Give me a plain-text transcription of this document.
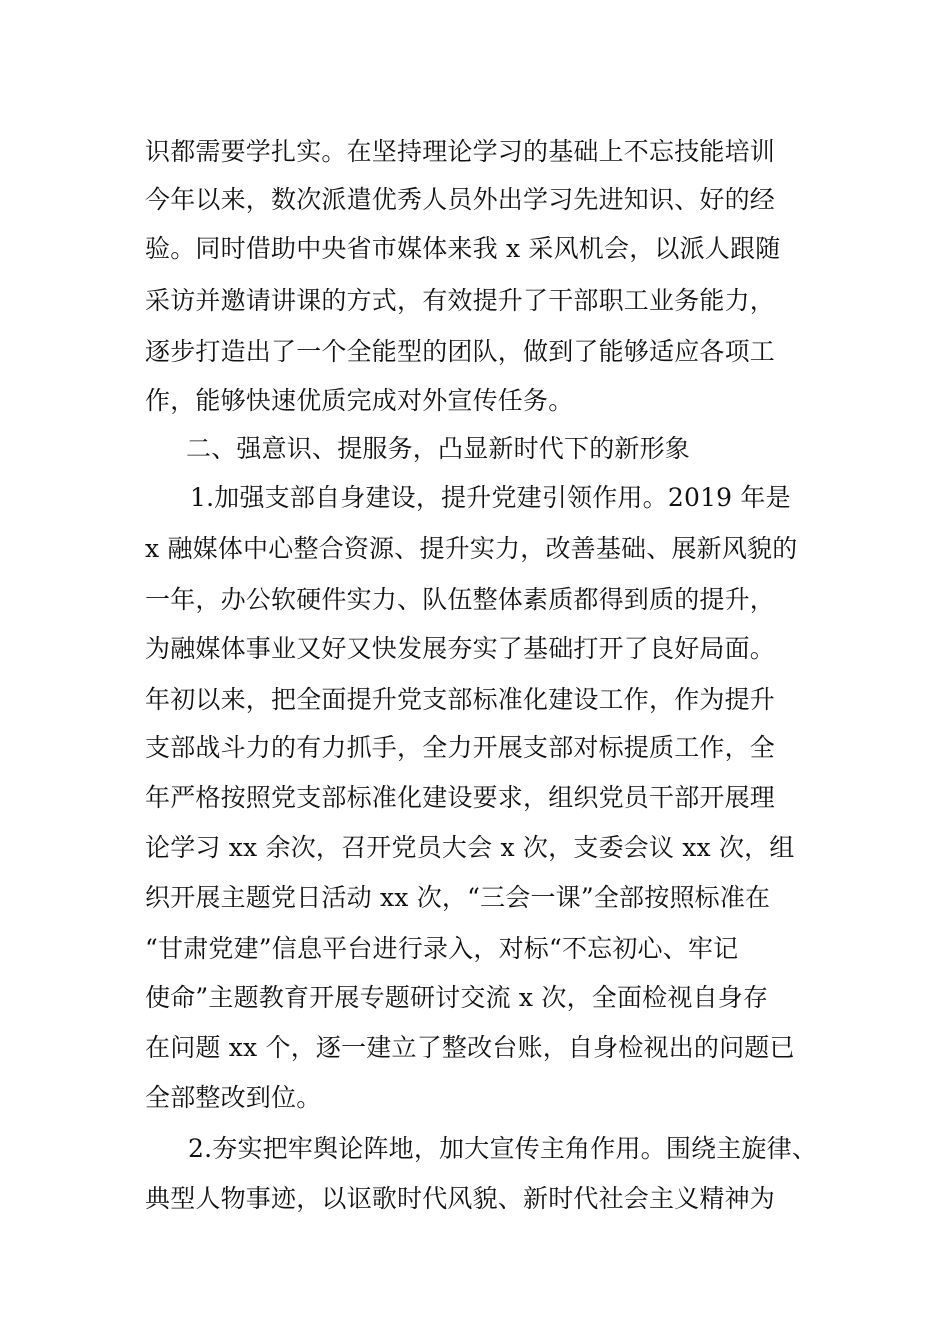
识都需要学扎实。在坚持理论学习的基础上不忘技能培训
今年以来，数次派遣优秀人员外出学习先进知识、好的经
验。同时借助中央省市媒体来我 x 采风机会，以派人跟随
采访并邀请讲课的方式，有效提升了干部职工业务能力，
逐步打造出了一个全能型的团队，做到了能够适应各项工
作，能够快速优质完成对外宣传任务。
二、强意识、提服务，凸显新时代下的新形象
1.加强支部自身建设，提升党建引领作用。2019 年是
x 融媒体中心整合资源、提升实力，改善基础、展新风貌的
一年，办公软硬件实力、队伍整体素质都得到质的提升，
为融媒体事业又好又快发展夯实了基础打开了良好局面。
年初以来，把全面提升党支部标准化建设工作，作为提升
支部战斗力的有力抓手，全力开展支部对标提质工作，全
年严格按照党支部标准化建设要求，组织党员干部开展理
论学习 xx 余次，召开党员大会 x 次，支委会议 xx 次，组
织开展主题党日活动 xx 次，“三会一课”全部按照标准在
“甘肃党建”信息平台进行录入，对标“不忘初心、牢记
使命”主题教育开展专题研讨交流 x 次，全面检视自身存
在问题 xx 个，逐一建立了整改台账，自身检视出的问题已
全部整改到位。
2.夯实把牢舆论阵地，加大宣传主角作用。围绕主旋律、
典型人物事迹，以讴歌时代风貌、新时代社会主义精神为
